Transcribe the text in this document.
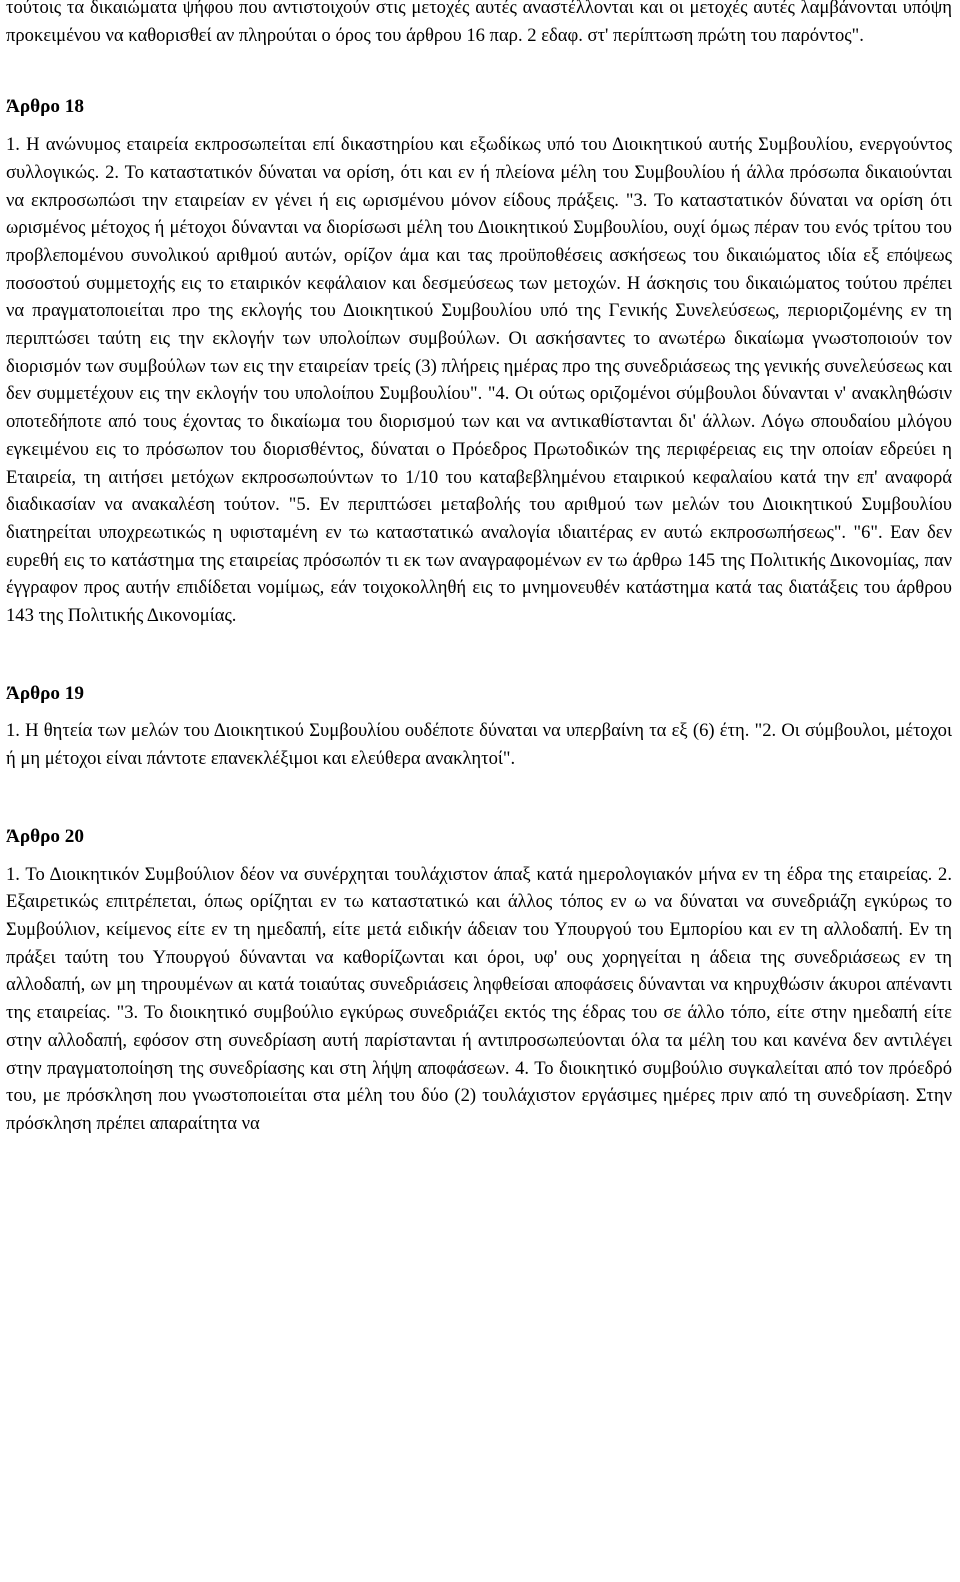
τούτοις τα δικαιώματα ψήφου που αντιστοιχούν στις μετοχές αυτές αναστέλλονται και οι μετοχές αυτές λαμβάνονται υπόψη προκειμένου να καθορισθεί αν πληρούται ο όρος του άρθρου 16 παρ. 2 εδαφ. στ' περίπτωση πρώτη του παρόντος".

Άρθρο 18

1. Η ανώνυμος εταιρεία εκπροσωπείται επί δικαστηρίου και εξωδίκως υπό του Διοικητικού αυτής Συμβουλίου, ενεργούντος συλλογικώς. 2. Το καταστατικόν δύναται να ορίση, ότι και εν ή πλείονα μέλη του Συμβουλίου ή άλλα πρόσωπα δικαιούνται να εκπροσωπώσι την εταιρείαν εν γένει ή εις ωρισμένου μόνον είδους πράξεις. "3. Το καταστατικόν δύναται να ορίση ότι ωρισμένος μέτοχος ή μέτοχοι δύνανται να διορίσωσι μέλη του Διοικητικού Συμβουλίου, ουχί όμως πέραν του ενός τρίτου του προβλεπομένου συνολικού αριθμού αυτών, ορίζον άμα και τας προϋποθέσεις ασκήσεως του δικαιώματος ιδία εξ επόψεως ποσοστού συμμετοχής εις το εταιρικόν κεφάλαιον και δεσμεύσεως των μετοχών. Η άσκησις του δικαιώματος τούτου πρέπει να πραγματοποιείται προ της εκλογής του Διοικητικού Συμβουλίου υπό της Γενικής Συνελεύσεως, περιοριζομένης εν τη περιπτώσει ταύτη εις την εκλογήν των υπολοίπων συμβούλων. Οι ασκήσαντες το ανωτέρω δικαίωμα γνωστοποιούν τον διορισμόν των συμβούλων των εις την εταιρείαν τρείς (3) πλήρεις ημέρας προ της συνεδριάσεως της γενικής συνελεύσεως και δεν συμμετέχουν εις την εκλογήν του υπολοίπου Συμβουλίου". "4. Οι ούτως οριζομένοι σύμβουλοι δύνανται ν' ανακληθώσιν οποτεδήποτε από τους έχοντας το δικαίωμα του διορισμού των και να αντικαθίστανται δι' άλλων. Λόγω σπουδαίου μλόγου εγκειμένου εις το πρόσωπον του διορισθέντος, δύναται ο Πρόεδρος Πρωτοδικών της περιφέρειας εις την οποίαν εδρεύει η Εταιρεία, τη αιτήσει μετόχων εκπροσωπούντων το 1/10 του καταβεβλημένου εταιρικού κεφαλαίου κατά την επ' αναφορά διαδικασίαν να ανακαλέση τούτον. "5. Εν περιπτώσει μεταβολής του αριθμού των μελών του Διοικητικού Συμβουλίου διατηρείται υποχρεωτικώς η υφισταμένη εν τω καταστατικώ αναλογία ιδιαιτέρας εν αυτώ εκπροσωπήσεως". "6". Εαν δεν ευρεθή εις το κατάστημα της εταιρείας πρόσωπόν τι εκ των αναγραφομένων εν τω άρθρω 145 της Πολιτικής Δικονομίας, παν έγγραφον προς αυτήν επιδίδεται νομίμως, εάν τοιχοκολληθή εις το μνημονευθέν κατάστημα κατά τας διατάξεις του άρθρου 143 της Πολιτικής Δικονομίας.

Άρθρο 19

1. Η θητεία των μελών του Διοικητικού Συμβουλίου ουδέποτε δύναται να υπερβαίνη τα εξ (6) έτη. "2. Οι σύμβουλοι, μέτοχοι ή μη μέτοχοι είναι πάντοτε επανεκλέξιμοι και ελεύθερα ανακλητοί".

Άρθρο 20

1. Το Διοικητικόν Συμβούλιον δέον να συνέρχηται τουλάχιστον άπαξ κατά ημερολογιακόν μήνα εν τη έδρα της εταιρείας. 2. Εξαιρετικώς επιτρέπεται, όπως ορίζηται εν τω καταστατικώ και άλλος τόπος εν ω να δύναται να συνεδριάζη εγκύρως το Συμβούλιον, κείμενος είτε εν τη ημεδαπή, είτε μετά ειδικήν άδειαν του Υπουργού του Εμπορίου και εν τη αλλοδαπή. Εν τη πράξει ταύτη του Υπουργού δύνανται να καθορίζωνται και όροι, υφ' ους χορηγείται η άδεια της συνεδριάσεως εν τη αλλοδαπή, ων μη τηρουμένων αι κατά τοιαύτας συνεδριάσεις ληφθείσαι αποφάσεις δύνανται να κηρυχθώσιν άκυροι απέναντι της εταιρείας. "3. Το διοικητικό συμβούλιο εγκύρως συνεδριάζει εκτός της έδρας του σε άλλο τόπο, είτε στην ημεδαπή είτε στην αλλοδαπή, εφόσον στη συνεδρίαση αυτή παρίστανται ή αντιπροσωπεύονται όλα τα μέλη του και κανένα δεν αντιλέγει στην πραγματοποίηση της συνεδρίασης και στη λήψη αποφάσεων. 4. Το διοικητικό συμβούλιο συγκαλείται από τον πρόεδρό του, με πρόσκληση που γνωστοποιείται στα μέλη του δύο (2) τουλάχιστον εργάσιμες ημέρες πριν από τη συνεδρίαση. Στην πρόσκληση πρέπει απαραίτητα να
